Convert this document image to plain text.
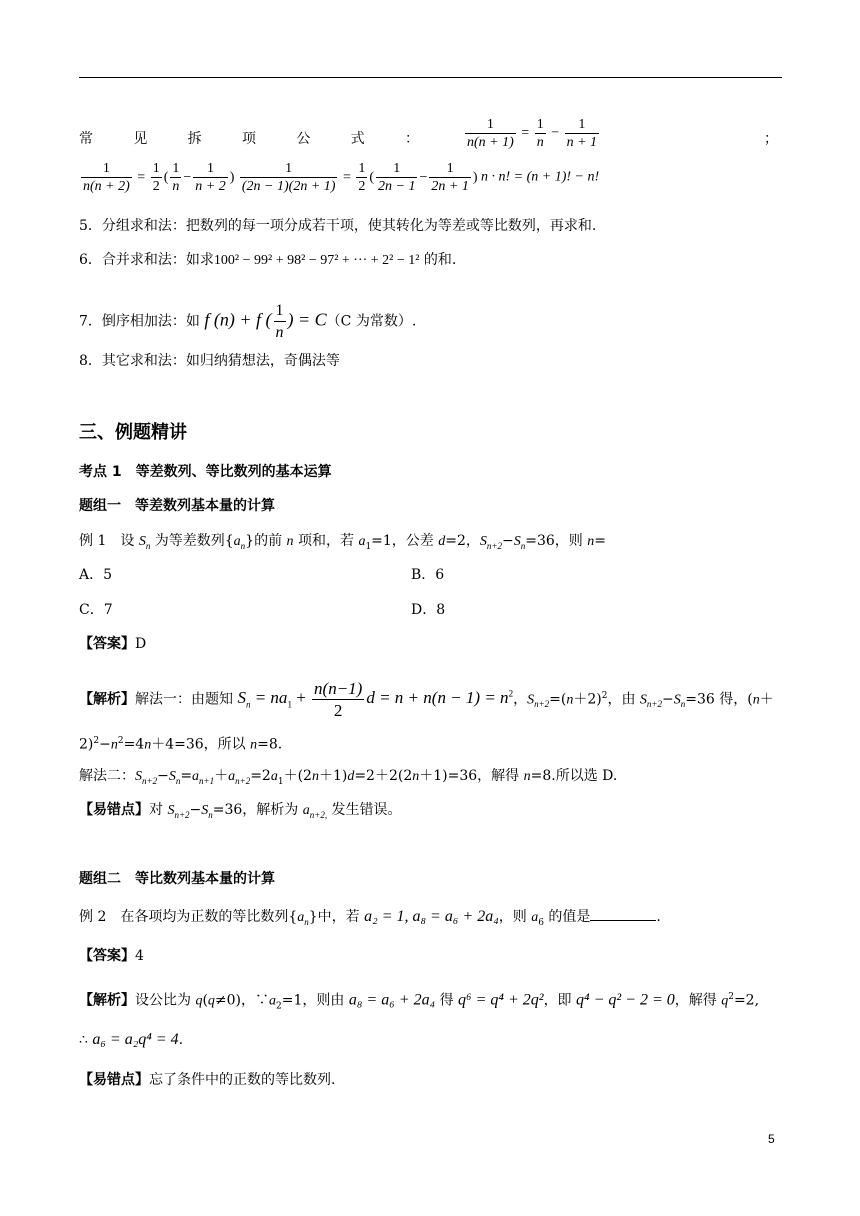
常	见	拆	项	公	式	：	$\frac{1}{n(n + 1)} = \frac{1}{n} - \frac{1}{n + 1}$	；
$\frac{1}{n(n + 2)} = \frac{1}{2}$ ( $\frac{1}{n} - \frac{1}{n + 2}$ ) $\frac{1}{(2n - 1)(2n + 1)} = \frac{1}{2}$ ( $\frac{1}{2n - 1} - \frac{1}{2n + 1}$ ) n · n! = (n + 1)! − n!
5．分组求和法：把数列的每一项分成若干项，使其转化为等差或等比数列，再求和.
6．合并求和法：如求100² − 99² + 98² − 97² + ··· + 2² − 1² 的和.
7．倒序相加法：如 f (n) + f ( $\frac{1}{n}$ ) = C（C 为常数）.
8．其它求和法：如归纳猜想法，奇偶法等
三、例题精讲
考点 1　等差数列、等比数列的基本运算
题组一　等差数列基本量的计算
例 1　设 $S_n$ 为等差数列$\{a_n\}$的前 n 项和，若 $a_1=1$，公差 d=2，$S_{n+2}-S_n=36$，则 n=
A．5	B．6
C．7	D．8
【答案】D
【解析】解法一：由题知 $S_n = na_1 + \frac{n(n-1)}{2}$ $d = n + n(n - 1) = n^2$，$S_{n+2}=(n+2)^2$，由 $S_{n+2}-S_n=36$ 得，(n＋
$2)^2-n^2=4n+4=36$，所以 n=8.
解法二：$S_{n+2}-S_n=a_{n+1}+a_{n+2}=2a_1+(2n+1)d=2+2(2n+1)=36$，解得 n=8.所以选 D.
【易错点】对 $S_{n+2}-S_n=36$，解析为 $a_{n+2,}$ 发生错误。
题组二　等比数列基本量的计算
例 2　在各项均为正数的等比数列$\{a_n\}$中，若 a₂ = 1, a₈ = a₆ + 2a₄，则 $a_6$ 的值是	.
【答案】4
【解析】设公比为 q(q≠0)，$\because a_2=1$，则由 a₈ = a₆ + 2a₄ 得 q⁶ = q⁴ + 2q²，即 q⁴ − q² − 2 = 0，解得 $q^2=2$,
∴ a₆ = a₂q⁴ = 4.
【易错点】忘了条件中的正数的等比数列.
5
